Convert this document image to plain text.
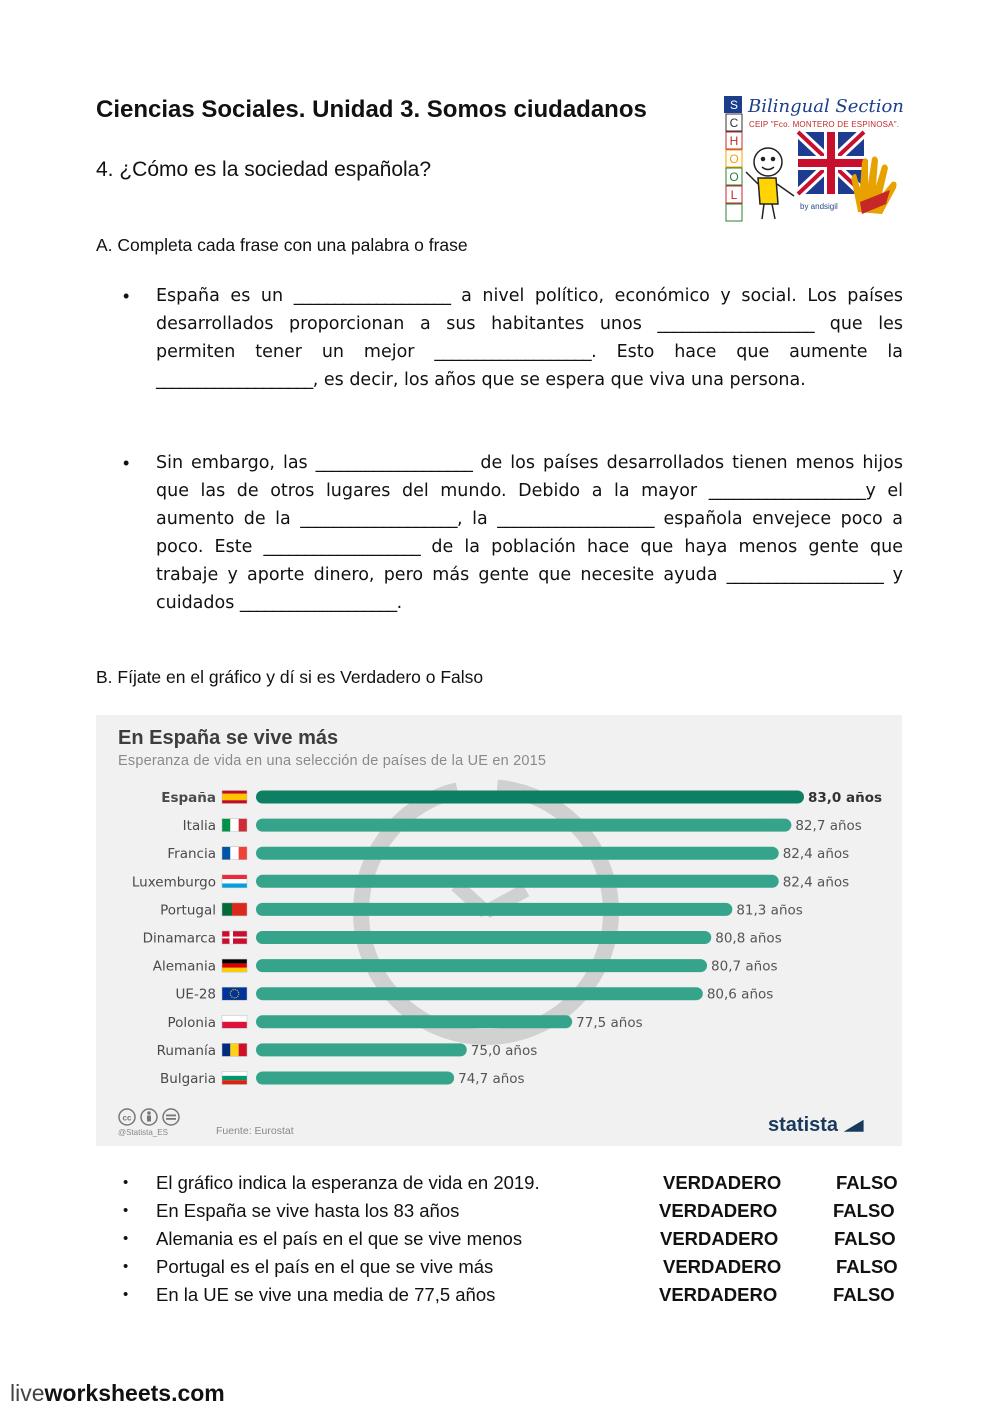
Ciencias Sociales. Unidad 3. Somos ciudadanos
4. ¿Cómo es la sociedad española?
S
C
H
O
O
L
Bilingual Section
CEIP "Fco. MONTERO DE ESPINOSA".
by andsigil
A. Completa cada frase con una palabra o frase
• España es un ___________________ a nivel político, económico y social. Los países desarrollados proporcionan a sus habitantes unos ___________________ que les permiten tener un mejor ___________________. Esto hace que aumente la ___________________, es decir, los años que se espera que viva una persona.
• Sin embargo, las ___________________ de los países desarrollados tienen menos hijos que las de otros lugares del mundo. Debido a la mayor ___________________y el aumento de la ___________________, la ___________________ española envejece poco a poco. Este ___________________ de la población hace que haya menos gente que trabaje y aporte dinero, pero más gente que necesite ayuda ___________________ y cuidados ___________________.
B. Fíjate en el gráfico y dí si es Verdadero o Falso
España	83,0 años
Italia	82,7 años
Francia	82,4 años
Luxemburgo	82,4 años
Portugal	81,3 años
Dinamarca	80,8 años
Alemania	80,7 años
UE-28	80,6 años
Polonia	77,5 años
Rumanía	75,0 años
Bulgaria	74,7 años
En España se vive más
Esperanza de vida en una selección de países de la UE en 2015
cc
@Statista_ES	Fuente: Eurostat	statista
• El gráfico indica la esperanza de vida en 2019.	VERDADERO	FALSO
• En España se vive hasta los 83 años	VERDADERO	FALSO
• Alemania es el país en el que se vive menos	VERDADERO	FALSO
• Portugal es el país en el que se vive más	VERDADERO	FALSO
• En la UE se vive una media de 77,5 años	VERDADERO	FALSO
liveworksheets.com
